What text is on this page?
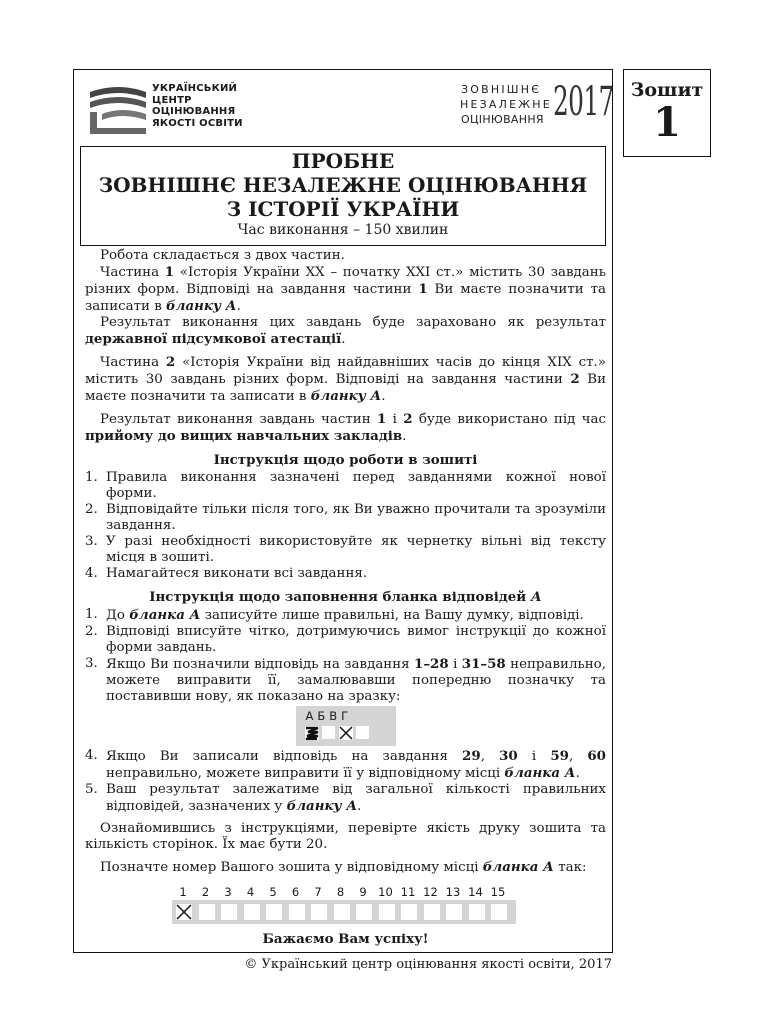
УКРАЇНСЬКИЙ
ЦЕНТР
ОЦІНЮВАННЯ
ЯКОСТІ ОСВІТИ
ЗОВНІШНЄ
НЕЗАЛЕЖНЕ
ОЦІНЮВАННЯ 2017 Зошит
1
ПРОБНЕ
ЗОВНІШНЄ НЕЗАЛЕЖНЕ ОЦІНЮВАННЯ
З ІСТОРІЇ УКРАЇНИ
Час виконання – 150 хвилин

Робота складається з двох частин.

Частина 1 «Історія України XX – початку XXI ст.» містить 30 завдань різних форм. Відповіді на завдання частини 1 Ви маєте позначити та записати в бланку А.

Результат виконання цих завдань буде зараховано як результат державної підсумкової атестації.

Частина 2 «Історія України від найдавніших часів до кінця XIX ст.» містить 30 завдань різних форм. Відповіді на завдання частини 2 Ви маєте позначити та записати в бланку А.

Результат виконання завдань частин 1 і 2 буде використано під час прийому до вищих навчальних закладів.

Інструкція щодо роботи в зошиті

1. Правила виконання зазначені перед завданнями кожної нової форми.
2. Відповідайте тільки після того, як Ви уважно прочитали та зрозуміли завдання.
3. У разі необхідності використовуйте як чернетку вільні від тексту місця в зошиті.
4. Намагайтеся виконати всі завдання.

Інструкція щодо заповнення бланка відповідей А

1. До бланка А записуйте лише правильні, на Вашу думку, відповіді.
2. Відповіді вписуйте чітко, дотримуючись вимог інструкції до кожної форми завдань.
3. Якщо Ви позначили відповідь на завдання 1–28 і 31–58 неправильно, можете виправити її, замалювавши попередню позначку та поставивши нову, як показано на зразку:
АБВГ
4. Якщо Ви записали відповідь на завдання 29, 30 і 59, 60 неправильно, можете виправити її у відповідному місці бланка А.
5. Ваш результат залежатиме від загальної кількості правильних відповідей, зазначених у бланку А.

Ознайомившись з інструкціями, перевірте якість друку зошита та кількість сторінок. Їх має бути 20.

Позначте номер Вашого зошита у відповідному місці бланка А так:

1	2	3	4	5	6	7	8	9	10 11 12 13 14 15

Бажаємо Вам успіху!

© Український центр оцінювання якості освіти, 2017
